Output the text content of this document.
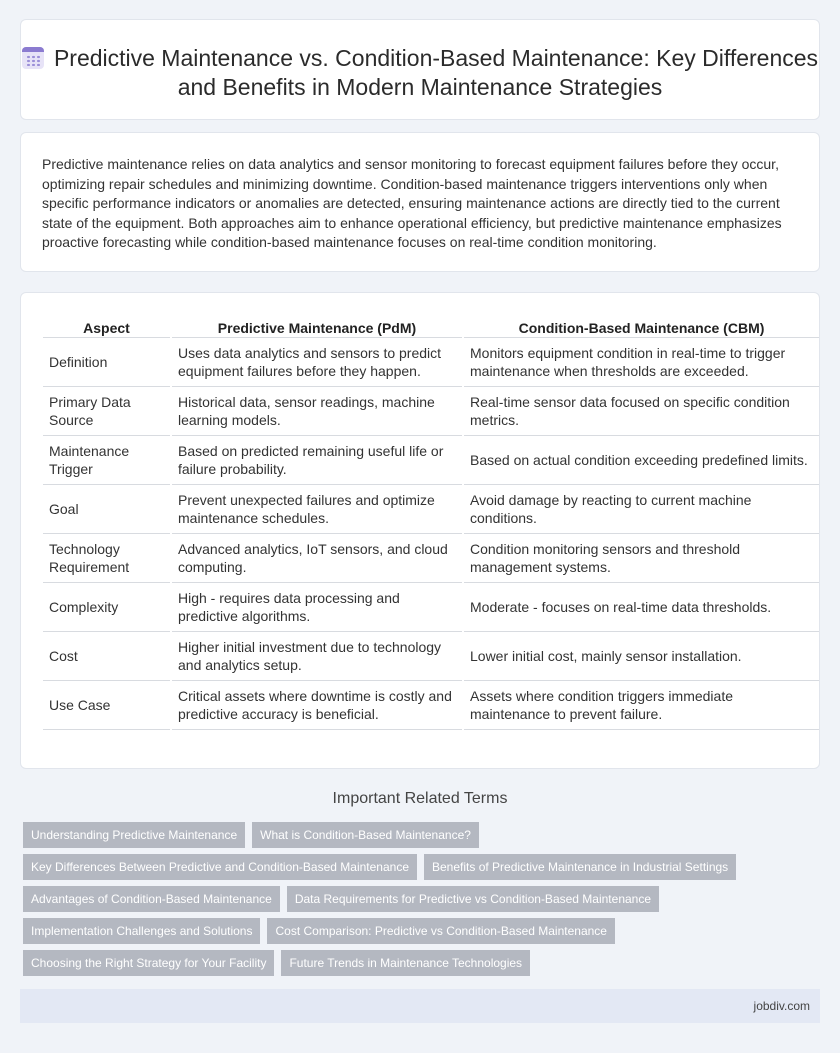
Predictive Maintenance vs. Condition-Based Maintenance: Key Differences and Benefits in Modern Maintenance Strategies

Predictive maintenance relies on data analytics and sensor monitoring to forecast equipment failures before they occur, optimizing repair schedules and minimizing downtime. Condition-based maintenance triggers interventions only when specific performance indicators or anomalies are detected, ensuring maintenance actions are directly tied to the current state of the equipment. Both approaches aim to enhance operational efficiency, but predictive maintenance emphasizes proactive forecasting while condition-based maintenance focuses on real-time condition monitoring.

Aspect	Predictive Maintenance (PdM)	Condition-Based Maintenance (CBM)
Definition	Uses data analytics and sensors to predict equipment failures before they happen.	Monitors equipment condition in real-time to trigger maintenance when thresholds are exceeded.
Primary Data Source	Historical data, sensor readings, machine learning models.	Real-time sensor data focused on specific condition metrics.
Maintenance Trigger	Based on predicted remaining useful life or failure probability.	Based on actual condition exceeding predefined limits.
Goal	Prevent unexpected failures and optimize maintenance schedules.	Avoid damage by reacting to current machine conditions.
Technology Requirement	Advanced analytics, IoT sensors, and cloud computing.	Condition monitoring sensors and threshold management systems.
Complexity	High - requires data processing and predictive algorithms.	Moderate - focuses on real-time data thresholds.
Cost	Higher initial investment due to technology and analytics setup.	Lower initial cost, mainly sensor installation.
Use Case	Critical assets where downtime is costly and predictive accuracy is beneficial.	Assets where condition triggers immediate maintenance to prevent failure.
Important Related Terms
Understanding Predictive Maintenance	What is Condition-Based Maintenance?
Key Differences Between Predictive and Condition-Based Maintenance	Benefits of Predictive Maintenance in Industrial Settings
Advantages of Condition-Based Maintenance	Data Requirements for Predictive vs Condition-Based Maintenance
Implementation Challenges and Solutions	Cost Comparison: Predictive vs Condition-Based Maintenance
Choosing the Right Strategy for Your Facility	Future Trends in Maintenance Technologies
jobdiv.com
